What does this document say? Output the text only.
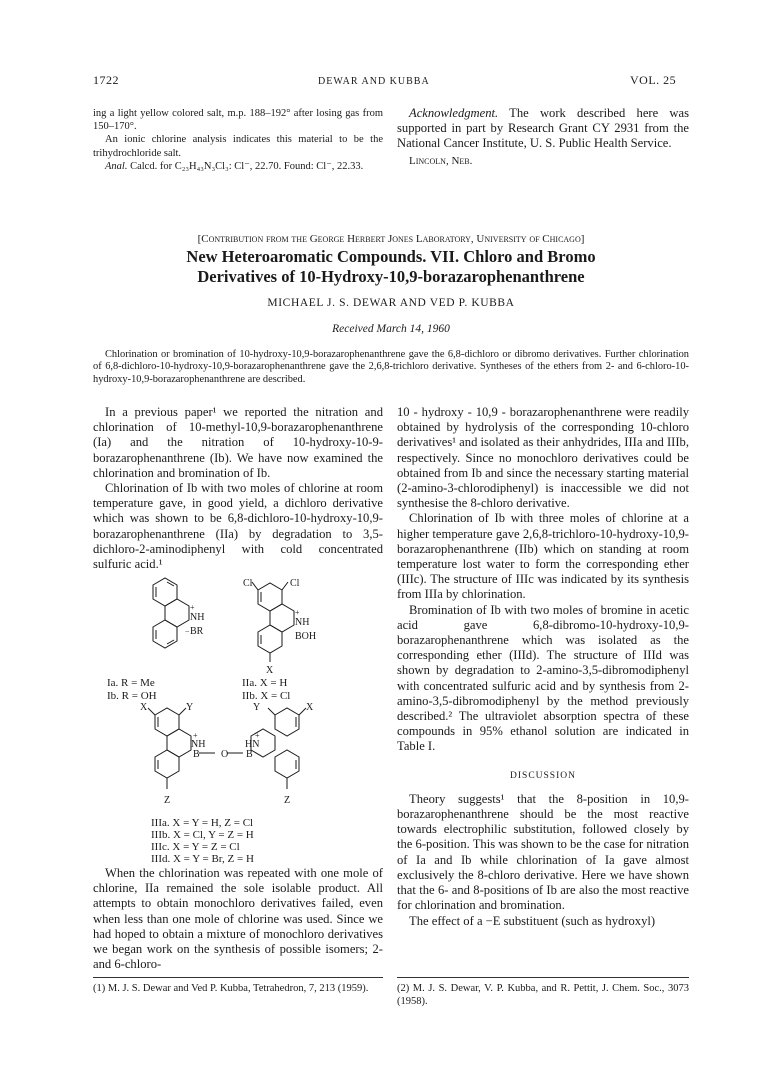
1722	DEWAR AND KUBBA	VOL. 25

ing a light yellow colored salt, m.p. 188–192° after losing gas from 150–170°.

An ionic chlorine analysis indicates this material to be the trihydrochloride salt.

Anal. Calcd. for C₂₃H₄₃N₃Cl₃: Cl⁻, 22.70. Found: Cl⁻, 22.33.

Acknowledgment. The work described here was supported in part by Research Grant CY 2931 from the National Cancer Institute, U. S. Public Health Service.

Lincoln, Neb.

[Contribution from the George Herbert Jones Laboratory, University of Chicago]
New Heteroaromatic Compounds. VII. Chloro and Bromo
Derivatives of 10-Hydroxy-10,9-borazarophenanthrene
MICHAEL J. S. DEWAR AND VED P. KUBBA
Received March 14, 1960
Chlorination or bromination of 10-hydroxy-10,9-borazarophenanthrene gave the 6,8-dichloro or dibromo derivatives. Further chlorination of 6,8-dichloro-10-hydroxy-10,9-borazarophenanthrene gave the 2,6,8-trichloro derivative. Syntheses of the ethers from 2- and 6-chloro-10-hydroxy-10,9-borazarophenanthrene are described.

In a previous paper¹ we reported the nitration and chlorination of 10-methyl-10,9-borazarophenanthrene (Ia) and the nitration of 10-hydroxy-10-9-borazarophenanthrene (Ib). We have now examined the chlorination and bromination of Ib.

Chlorination of Ib with two moles of chlorine at room temperature gave, in good yield, a dichloro derivative which was shown to be 6,8-dichloro-10-hydroxy-10,9-borazarophenanthrene (IIa) by degradation to 3,5-dichloro-2-aminodiphenyl with cold concentrated sulfuric acid.¹

+
NH
BR
−
Cl	Cl
+
NH
BOH
X
X	Y	Y	X
+
NH
+
HN
B O B
Z	Z
Ia. R = Me
Ib. R = OH
IIa. X = H
IIb. X = Cl
IIIa. X = Y = H, Z = Cl
IIIb. X = Cl, Y = Z = H
IIIc. X = Y = Z = Cl
IIId. X = Y = Br, Z = H

When the chlorination was repeated with one mole of chlorine, IIa remained the sole isolable product. All attempts to obtain monochloro derivatives failed, even when less than one mole of chlorine was used. Since we had hoped to obtain a mixture of monochloro derivatives we began work on the synthesis of possible isomers; 2- and 6-chloro-

(1) M. J. S. Dewar and Ved P. Kubba, Tetrahedron, 7, 213 (1959).

10 - hydroxy - 10,9 - borazarophenanthrene were readily obtained by hydrolysis of the corresponding 10-chloro derivatives¹ and isolated as their anhydrides, IIIa and IIIb, respectively. Since no monochloro derivatives could be obtained from Ib and since the necessary starting material (2-amino-3-chlorodiphenyl) is inaccessible we did not synthesise the 8-chloro derivative.

Chlorination of Ib with three moles of chlorine at a higher temperature gave 2,6,8-trichloro-10-hydroxy-10,9-borazarophenanthrene (IIb) which on standing at room temperature lost water to form the corresponding ether (IIIc). The structure of IIIc was indicated by its synthesis from IIIa by chlorination.

Bromination of Ib with two moles of bromine in acetic acid gave 6,8-dibromo-10-hydroxy-10,9-borazarophenanthrene which was isolated as the corresponding ether (IIId). The structure of IIId was shown by degradation to 2-amino-3,5-dibromodiphenyl with concentrated sulfuric acid and by synthesis from 2-amino-3,5-dibromodiphenyl by the method previously described.² The ultraviolet absorption spectra of these compounds in 95% ethanol solution are indicated in Table I.

DISCUSSION

Theory suggests¹ that the 8-position in 10,9-borazarophenanthrene should be the most reactive towards electrophilic substitution, followed closely by the 6-position. This was shown to be the case for nitration of Ia and Ib while chlorination of Ia gave almost exclusively the 8-chloro derivative. Here we have shown that the 6- and 8-positions of Ib are also the most reactive for chlorination and bromination.

The effect of a −E substituent (such as hydroxyl)

(2) M. J. S. Dewar, V. P. Kubba, and R. Pettit, J. Chem. Soc., 3073 (1958).
